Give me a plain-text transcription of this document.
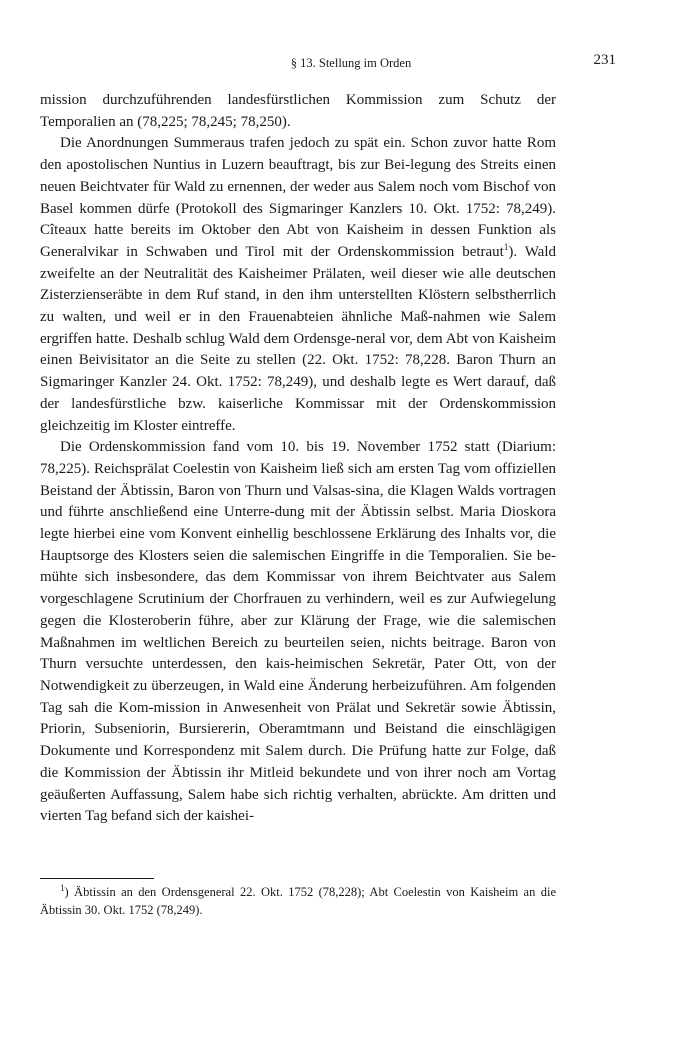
§ 13. Stellung im Orden	231

mission durchzuführenden landesfürstlichen Kommission zum Schutz der Temporalien an (78,225; 78,245; 78,250).

Die Anordnungen Summeraus trafen jedoch zu spät ein. Schon zuvor hatte Rom den apostolischen Nuntius in Luzern beauftragt, bis zur Bei-legung des Streits einen neuen Beichtvater für Wald zu ernennen, der weder aus Salem noch vom Bischof von Basel kommen dürfe (Protokoll des Sigmaringer Kanzlers 10. Okt. 1752: 78,249). Cîteaux hatte bereits im Oktober den Abt von Kaisheim in dessen Funktion als Generalvikar in Schwaben und Tirol mit der Ordenskommission betraut$^1$). Wald zweifelte an der Neutralität des Kaisheimer Prälaten, weil dieser wie alle deutschen Zisterzienseräbte in dem Ruf stand, in den ihm unterstellten Klöstern selbstherrlich zu walten, und weil er in den Frauenabteien ähnliche Maß-nahmen wie Salem ergriffen hatte. Deshalb schlug Wald dem Ordensge-neral vor, dem Abt von Kaisheim einen Beivisitator an die Seite zu stellen (22. Okt. 1752: 78,228. Baron Thurn an Sigmaringer Kanzler 24. Okt. 1752: 78,249), und deshalb legte es Wert darauf, daß der landesfürstliche bzw. kaiserliche Kommissar mit der Ordenskommission gleichzeitig im Kloster eintreffe.

Die Ordenskommission fand vom 10. bis 19. November 1752 statt (Diarium: 78,225). Reichsprälat Coelestin von Kaisheim ließ sich am ersten Tag vom offiziellen Beistand der Äbtissin, Baron von Thurn und Valsas-sina, die Klagen Walds vortragen und führte anschließend eine Unterre-dung mit der Äbtissin selbst. Maria Dioskora legte hierbei eine vom Konvent einhellig beschlossene Erklärung des Inhalts vor, die Hauptsorge des Klosters seien die salemischen Eingriffe in die Temporalien. Sie be-mühte sich insbesondere, das dem Kommissar von ihrem Beichtvater aus Salem vorgeschlagene Scrutinium der Chorfrauen zu verhindern, weil es zur Aufwiegelung gegen die Klosteroberin führe, aber zur Klärung der Frage, wie die salemischen Maßnahmen im weltlichen Bereich zu beurteilen seien, nichts beitrage. Baron von Thurn versuchte unterdessen, den kais-heimischen Sekretär, Pater Ott, von der Notwendigkeit zu überzeugen, in Wald eine Änderung herbeizuführen. Am folgenden Tag sah die Kom-mission in Anwesenheit von Prälat und Sekretär sowie Äbtissin, Priorin, Subseniorin, Bursiererin, Oberamtmann und Beistand die einschlägigen Dokumente und Korrespondenz mit Salem durch. Die Prüfung hatte zur Folge, daß die Kommission der Äbtissin ihr Mitleid bekundete und von ihrer noch am Vortag geäußerten Auffassung, Salem habe sich richtig verhalten, abrückte. Am dritten und vierten Tag befand sich der kaishei-

$^1$) Äbtissin an den Ordensgeneral 22. Okt. 1752 (78,228); Abt Coelestin von Kaisheim an die Äbtissin 30. Okt. 1752 (78,249).
